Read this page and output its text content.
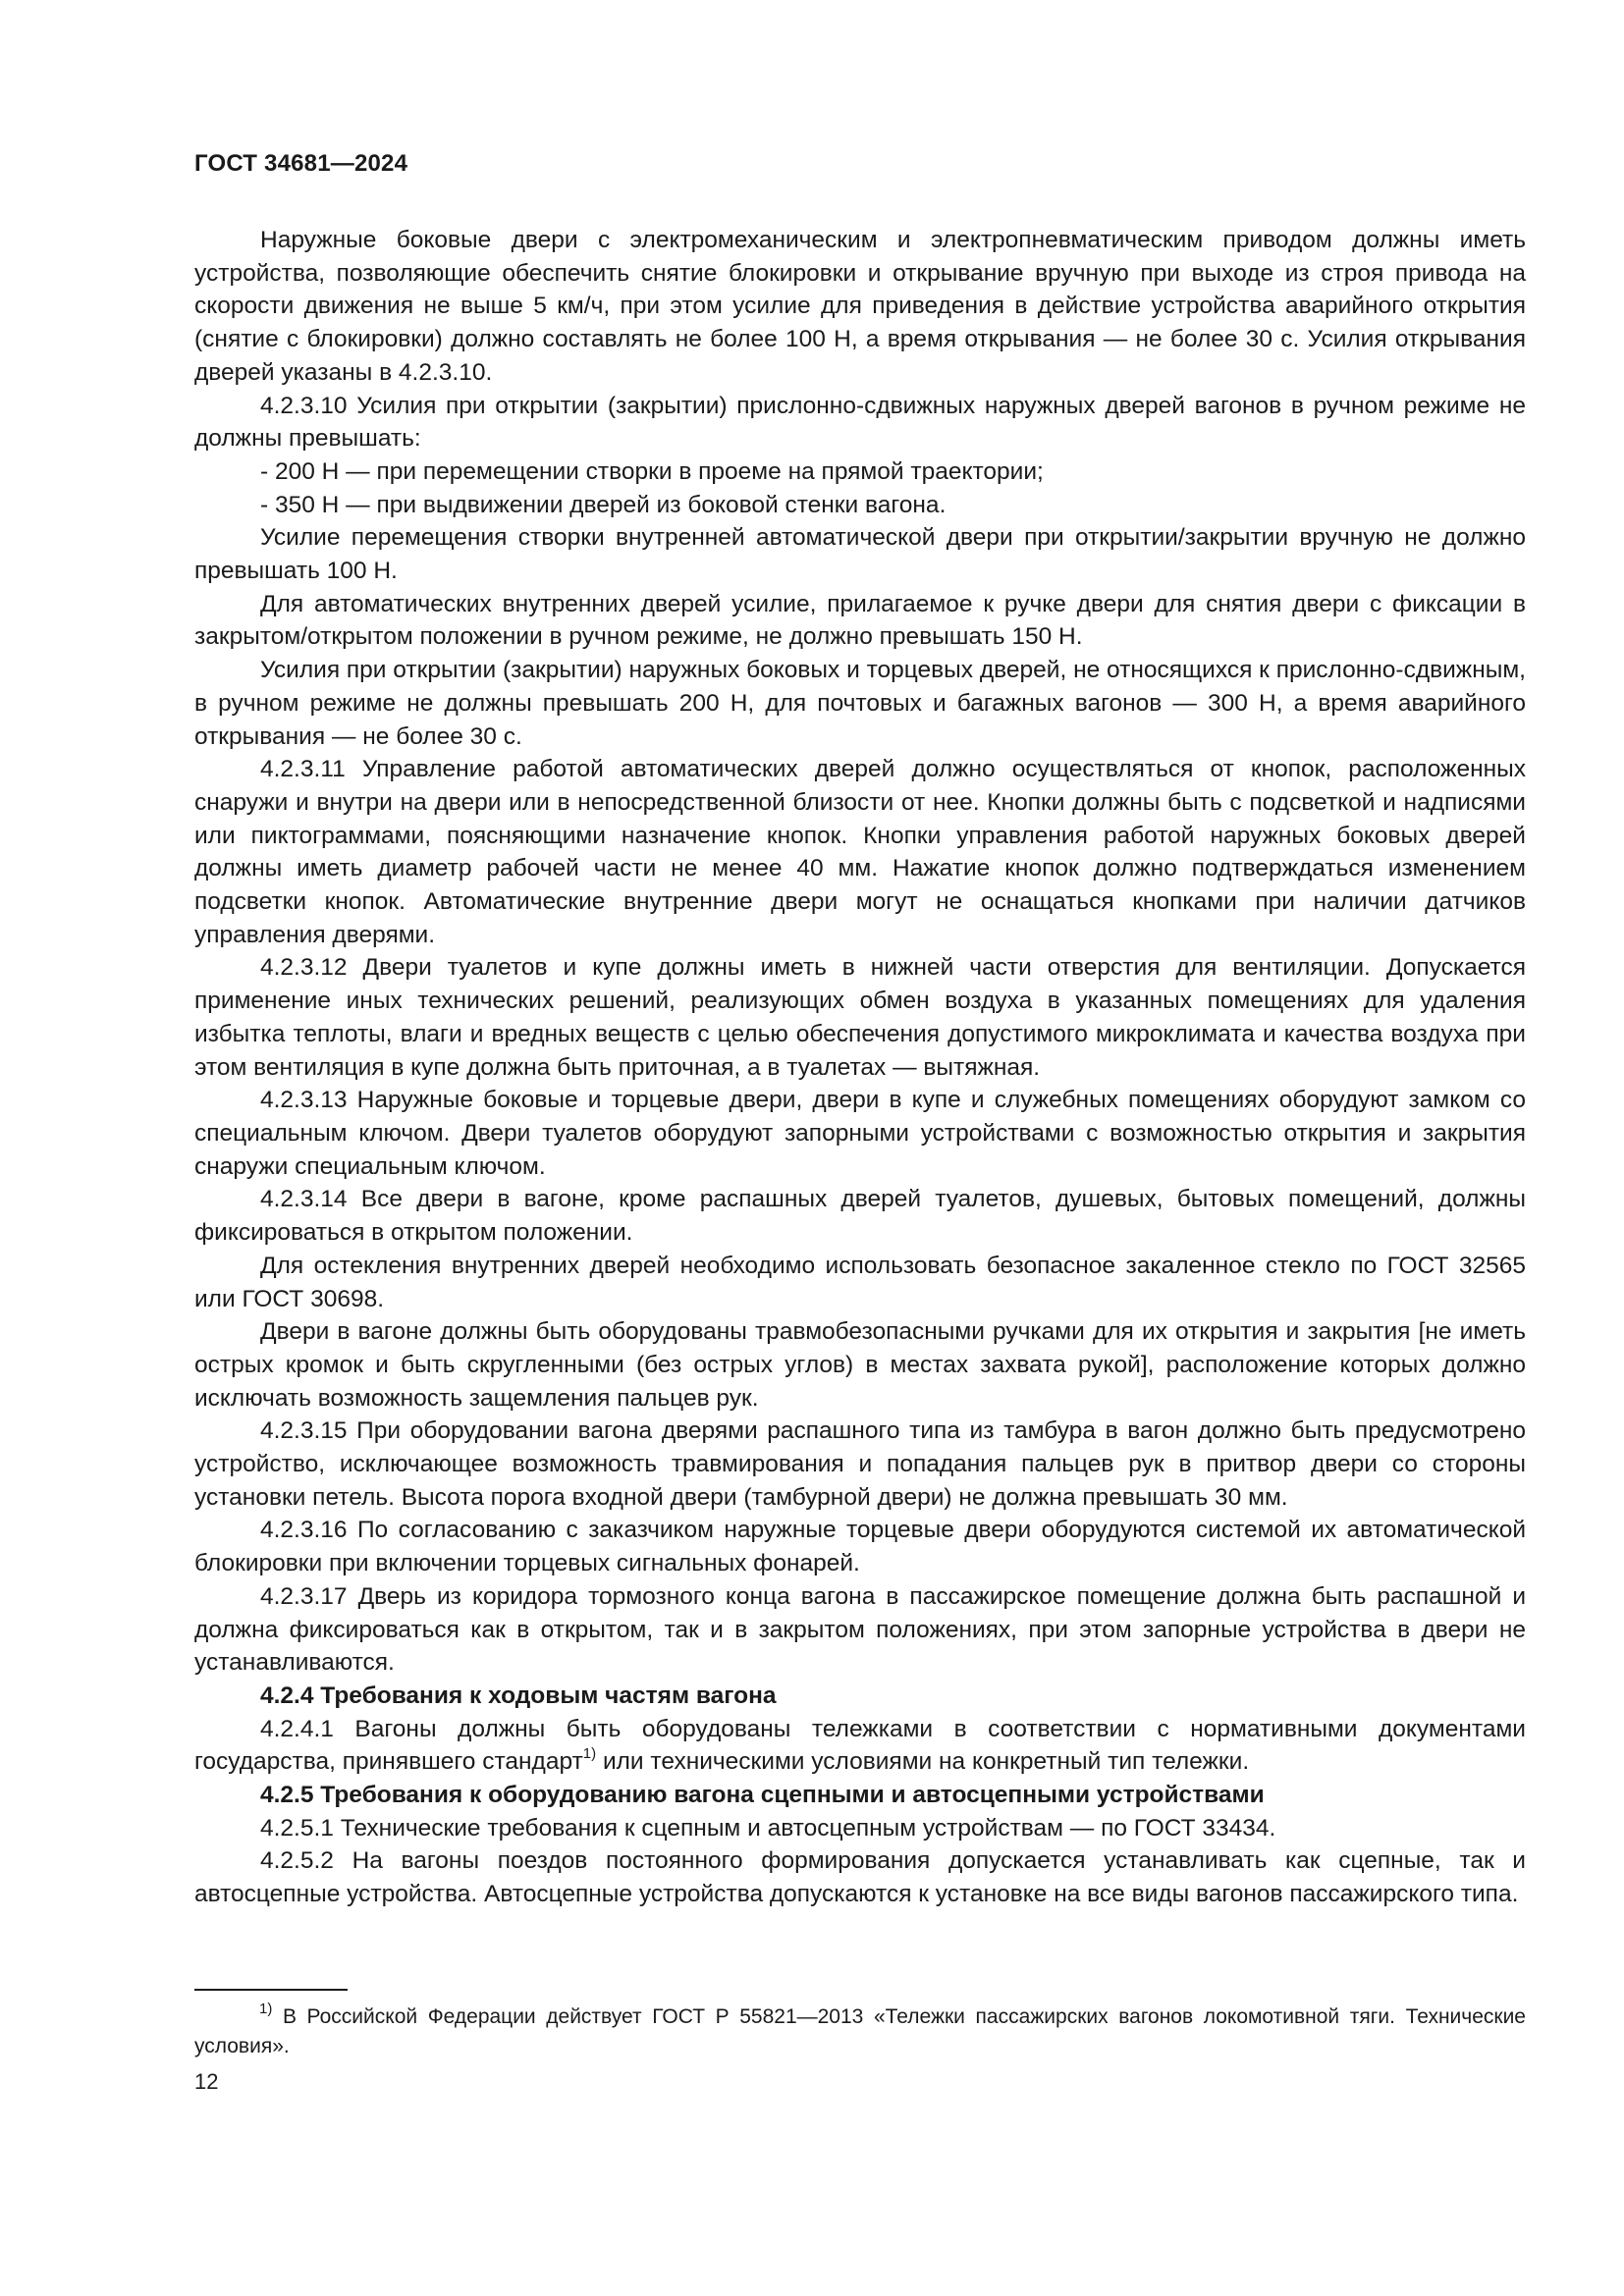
ГОСТ 34681—2024

Наружные боковые двери с электромеханическим и электропневматическим приводом должны иметь устройства, позволяющие обеспечить снятие блокировки и открывание вручную при выходе из строя привода на скорости движения не выше 5 км/ч, при этом усилие для приведения в действие устройства аварийного открытия (снятие с блокировки) должно составлять не более 100 Н, а время открывания — не более 30 с. Усилия открывания дверей указаны в 4.2.3.10.

4.2.3.10 Усилия при открытии (закрытии) прислонно-сдвижных наружных дверей вагонов в ручном режиме не должны превышать:

- 200 Н — при перемещении створки в проеме на прямой траектории;

- 350 Н — при выдвижении дверей из боковой стенки вагона.

Усилие перемещения створки внутренней автоматической двери при открытии/закрытии вручную не должно превышать 100 Н.

Для автоматических внутренних дверей усилие, прилагаемое к ручке двери для снятия двери с фиксации в закрытом/открытом положении в ручном режиме, не должно превышать 150 Н.

Усилия при открытии (закрытии) наружных боковых и торцевых дверей, не относящихся к прислонно-сдвижным, в ручном режиме не должны превышать 200 Н, для почтовых и багажных вагонов — 300 Н, а время аварийного открывания — не более 30 с.

4.2.3.11 Управление работой автоматических дверей должно осуществляться от кнопок, расположенных снаружи и внутри на двери или в непосредственной близости от нее. Кнопки должны быть с подсветкой и надписями или пиктограммами, поясняющими назначение кнопок. Кнопки управления работой наружных боковых дверей должны иметь диаметр рабочей части не менее 40 мм. Нажатие кнопок должно подтверждаться изменением подсветки кнопок. Автоматические внутренние двери могут не оснащаться кнопками при наличии датчиков управления дверями.

4.2.3.12 Двери туалетов и купе должны иметь в нижней части отверстия для вентиляции. Допускается применение иных технических решений, реализующих обмен воздуха в указанных помещениях для удаления избытка теплоты, влаги и вредных веществ с целью обеспечения допустимого микроклимата и качества воздуха при этом вентиляция в купе должна быть приточная, а в туалетах — вытяжная.

4.2.3.13 Наружные боковые и торцевые двери, двери в купе и служебных помещениях оборудуют замком со специальным ключом. Двери туалетов оборудуют запорными устройствами с возможностью открытия и закрытия снаружи специальным ключом.

4.2.3.14 Все двери в вагоне, кроме распашных дверей туалетов, душевых, бытовых помещений, должны фиксироваться в открытом положении.

Для остекления внутренних дверей необходимо использовать безопасное закаленное стекло по ГОСТ 32565 или ГОСТ 30698.

Двери в вагоне должны быть оборудованы травмобезопасными ручками для их открытия и закрытия [не иметь острых кромок и быть скругленными (без острых углов) в местах захвата рукой], расположение которых должно исключать возможность защемления пальцев рук.

4.2.3.15 При оборудовании вагона дверями распашного типа из тамбура в вагон должно быть предусмотрено устройство, исключающее возможность травмирования и попадания пальцев рук в притвор двери со стороны установки петель. Высота порога входной двери (тамбурной двери) не должна превышать 30 мм.

4.2.3.16 По согласованию с заказчиком наружные торцевые двери оборудуются системой их автоматической блокировки при включении торцевых сигнальных фонарей.

4.2.3.17 Дверь из коридора тормозного конца вагона в пассажирское помещение должна быть распашной и должна фиксироваться как в открытом, так и в закрытом положениях, при этом запорные устройства в двери не устанавливаются.

4.2.4 Требования к ходовым частям вагона

4.2.4.1 Вагоны должны быть оборудованы тележками в соответствии с нормативными документами государства, принявшего стандарт$^{1)}$ или техническими условиями на конкретный тип тележки.

4.2.5 Требования к оборудованию вагона сцепными и автосцепными устройствами

4.2.5.1 Технические требования к сцепным и автосцепным устройствам — по ГОСТ 33434.

4.2.5.2 На вагоны поездов постоянного формирования допускается устанавливать как сцепные, так и автосцепные устройства. Автосцепные устройства допускаются к установке на все виды вагонов пассажирского типа.

$^{1)}$ В Российской Федерации действует ГОСТ Р 55821—2013 «Тележки пассажирских вагонов локомотивной тяги. Технические условия».

12
